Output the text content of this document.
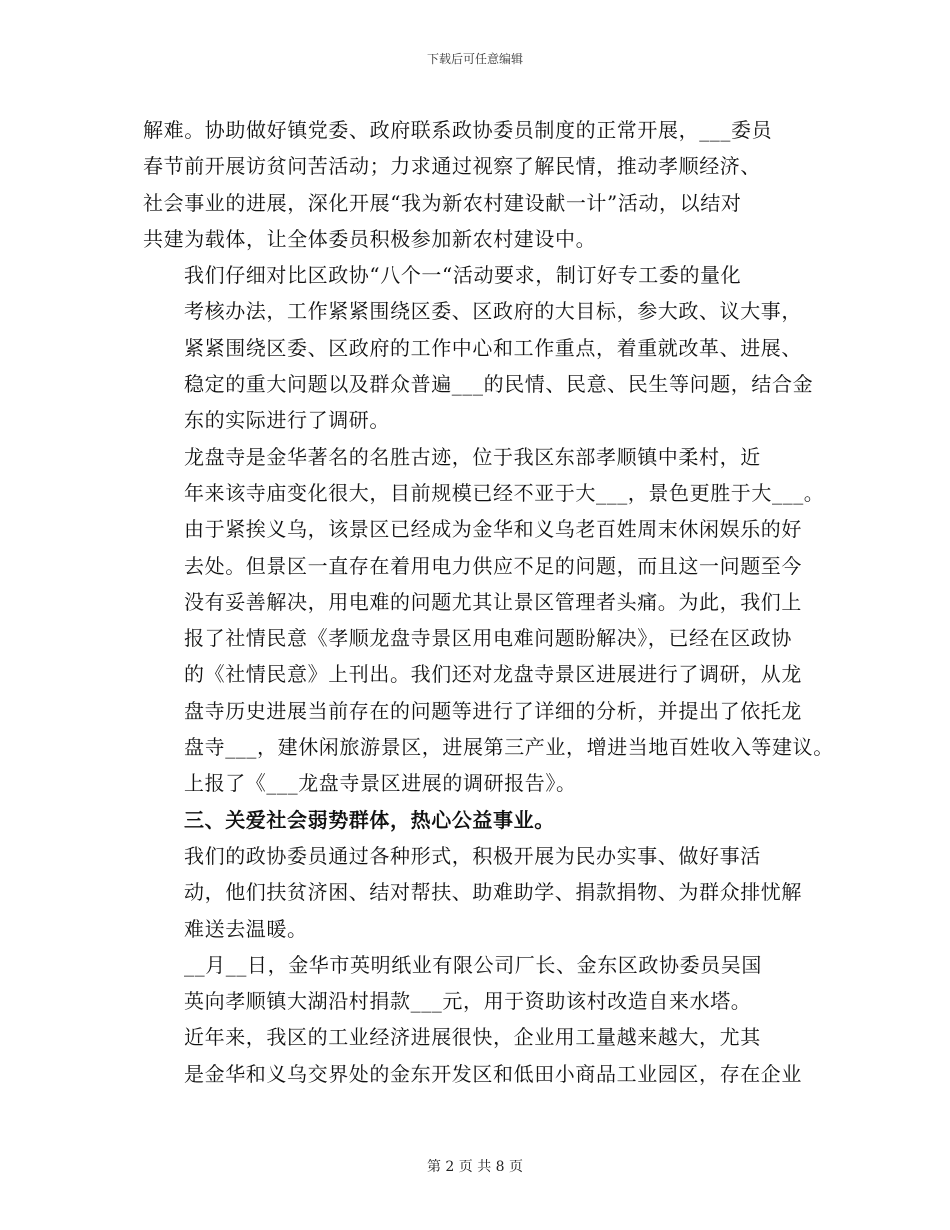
下载后可任意编辑

解难。协助做好镇党委、政府联系政协委员制度的正常开展，___委员
春节前开展访贫问苦活动；力求通过视察了解民情，推动孝顺经济、
社会事业的进展，深化开展“我为新农村建设献一计”活动，以结对
共建为载体，让全体委员积极参加新农村建设中。

我们仔细对比区政协“八个一“活动要求，制订好专工委的量化
考核办法，工作紧紧围绕区委、区政府的大目标，参大政、议大事，
紧紧围绕区委、区政府的工作中心和工作重点，着重就改革、进展、
稳定的重大问题以及群众普遍___的民情、民意、民生等问题，结合金
东的实际进行了调研。

龙盘寺是金华著名的名胜古迹，位于我区东部孝顺镇中柔村，近
年来该寺庙变化很大，目前规模已经不亚于大___，景色更胜于大___。
由于紧挨义乌，该景区已经成为金华和义乌老百姓周末休闲娱乐的好
去处。但景区一直存在着用电力供应不足的问题，而且这一问题至今
没有妥善解决，用电难的问题尤其让景区管理者头痛。为此，我们上
报了社情民意《孝顺龙盘寺景区用电难问题盼解决》，已经在区政协
的《社情民意》上刊出。我们还对龙盘寺景区进展进行了调研，从龙
盘寺历史进展当前存在的问题等进行了详细的分析，并提出了依托龙
盘寺___，建休闲旅游景区，进展第三产业，增进当地百姓收入等建议。
上报了《___龙盘寺景区进展的调研报告》。

三、关爱社会弱势群体，热心公益事业。

我们的政协委员通过各种形式，积极开展为民办实事、做好事活
动，他们扶贫济困、结对帮扶、助难助学、捐款捐物、为群众排忧解
难送去温暖。

__月__日，金华市英明纸业有限公司厂长、金东区政协委员吴国
英向孝顺镇大湖沿村捐款___元，用于资助该村改造自来水塔。

近年来，我区的工业经济进展很快，企业用工量越来越大，尤其
是金华和义乌交界处的金东开发区和低田小商品工业园区，存在企业

第 2 页 共 8 页
